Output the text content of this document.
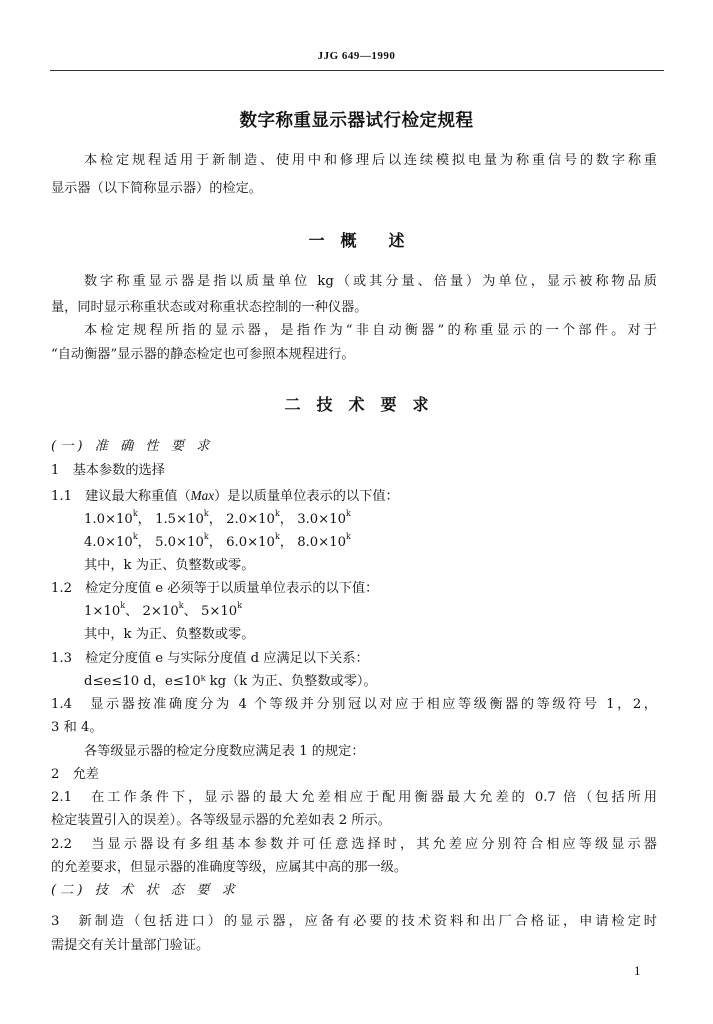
JJG 649—1990
数字称重显示器试行检定规程
本检定规程适用于新制造、使用中和修理后以连续模拟电量为称重信号的数字称重
显示器（以下简称显示器）的检定。
一　概　　述
数字称重显示器是指以质量单位 kg（或其分量、倍量）为单位，显示被称物品质
量，同时显示称重状态或对称重状态控制的一种仪器。
本检定规程所指的显示器，是指作为“非自动衡器”的称重显示的一个部件。对于
“自动衡器”显示器的静态检定也可参照本规程进行。
二　技　术　要　求
(一) 准 确 性 要 求
1　基本参数的选择
1.1　建议最大称重值（Max）是以质量单位表示的以下值：
$1.0\times 10^k$， $1.5\times 10^k$， $2.0\times 10^k$， $3.0\times 10^k$
$4.0\times 10^k$， $5.0\times 10^k$， $6.0\times 10^k$， $8.0\times 10^k$
其中，k 为正、负整数或零。
1.2　检定分度值 e 必须等于以质量单位表示的以下值：
$1\times 10^k$、 $2\times 10^k$、 $5\times 10^k$
其中，k 为正、负整数或零。
1.3　检定分度值 e 与实际分度值 d 应满足以下关系：
d≤e≤10 d，e≤10ᵏ kg（k 为正、负整数或零）。
1.4　显示器按准确度分为 4 个等级并分别冠以对应于相应等级衡器的等级符号 1，2，
3 和 4。
各等级显示器的检定分度数应满足表 1 的规定：
2　允差
2.1　在工作条件下，显示器的最大允差相应于配用衡器最大允差的 0.7 倍（包括所用
检定装置引入的误差）。各等级显示器的允差如表 2 所示。
2.2　当显示器设有多组基本参数并可任意选择时，其允差应分别符合相应等级显示器
的允差要求，但显示器的准确度等级，应属其中高的那一级。
(二) 技 术 状 态 要 求
3　新制造（包括进口）的显示器，应备有必要的技术资料和出厂合格证，申请检定时
需提交有关计量部门验证。
1
